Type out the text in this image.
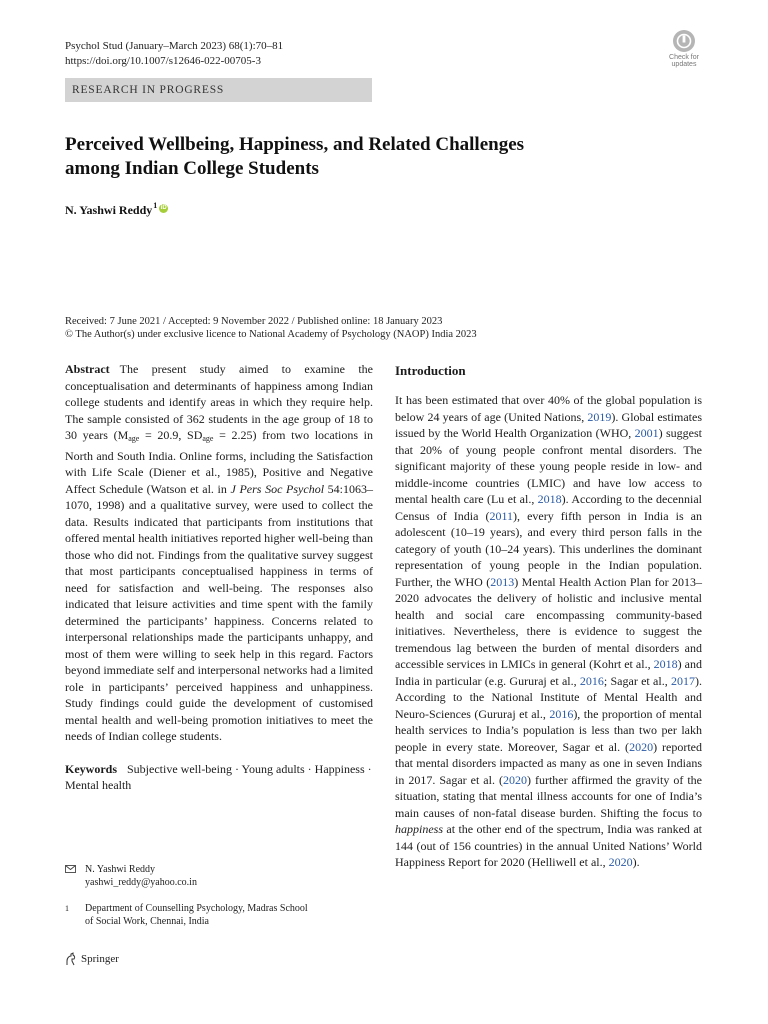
Psychol Stud (January–March 2023) 68(1):70–81
https://doi.org/10.1007/s12646-022-00705-3	Check for
updates
RESEARCH IN PROGRESS
Perceived Wellbeing, Happiness, and Related Challenges
among Indian College Students
N. Yashwi Reddy$^1$ iD
Received: 7 June 2021 / Accepted: 9 November 2022 / Published online: 18 January 2023
© The Author(s) under exclusive licence to National Academy of Psychology (NAOP) India 2023
Abstract The present study aimed to examine the conceptualisation and determinants of happiness among Indian college students and identify areas in which they require help. The sample consisted of 362 students in the age group of 18 to 30 years ($M_{age} = 20.9$, $SD_{age} = 2.25$) from two locations in North and South India. Online forms, including the Satisfaction with Life Scale (Diener et al., 1985), Positive and Negative Affect Schedule (Watson et al. in J Pers Soc Psychol 54:1063–1070, 1998) and a qualitative survey, were used to collect the data. Results indicated that participants from institutions that offered mental health initiatives reported higher well-being than those who did not. Findings from the qualitative survey suggest that most participants conceptualised happiness in terms of need for satisfaction and well-being. The responses also indicated that leisure activities and time spent with the family determined the participants’ happiness. Concerns related to interpersonal relationships made the participants unhappy, and most of them were willing to seek help in this regard. Factors beyond immediate self and interpersonal networks had a limited role in participants’ perceived happiness and unhappiness. Study findings could guide the development of customised mental health and well-being promotion initiatives to meet the needs of Indian college students.
Keywords Subjective well-being · Young adults · Happiness · Mental health
N. Yashwi Reddy
yashwi_reddy@yahoo.co.in
1	Department of Counselling Psychology, Madras School
of Social Work, Chennai, India
Springer
Introduction
It has been estimated that over 40% of the global population is below 24 years of age (United Nations, 2019). Global estimates issued by the World Health Organization (WHO, 2001) suggest that 20% of young people confront mental disorders. The significant majority of these young people reside in low- and middle-income countries (LMIC) and have low access to mental health care (Lu et al., 2018). According to the decennial Census of India (2011), every fifth person in India is an adolescent (10–19 years), and every third person falls in the category of youth (10–24 years). This underlines the dominant representation of young people in the Indian population. Further, the WHO (2013) Mental Health Action Plan for 2013–2020 advocates the delivery of holistic and inclusive mental health and social care encompassing community-based initiatives. Nevertheless, there is evidence to suggest the tremendous lag between the burden of mental disorders and accessible services in LMICs in general (Kohrt et al., 2018) and India in particular (e.g. Gururaj et al., 2016; Sagar et al., 2017). According to the National Institute of Mental Health and Neuro-Sciences (Gururaj et al., 2016), the proportion of mental health services to India’s population is less than two per lakh people in every state. Moreover, Sagar et al. (2020) reported that mental disorders impacted as many as one in seven Indians in 2017. Sagar et al. (2020) further affirmed the gravity of the situation, stating that mental illness accounts for one of India’s main causes of non-fatal disease burden. Shifting the focus to happiness at the other end of the spectrum, India was ranked at 144 (out of 156 countries) in the annual United Nations’ World Happiness Report for 2020 (Helliwell et al., 2020).
